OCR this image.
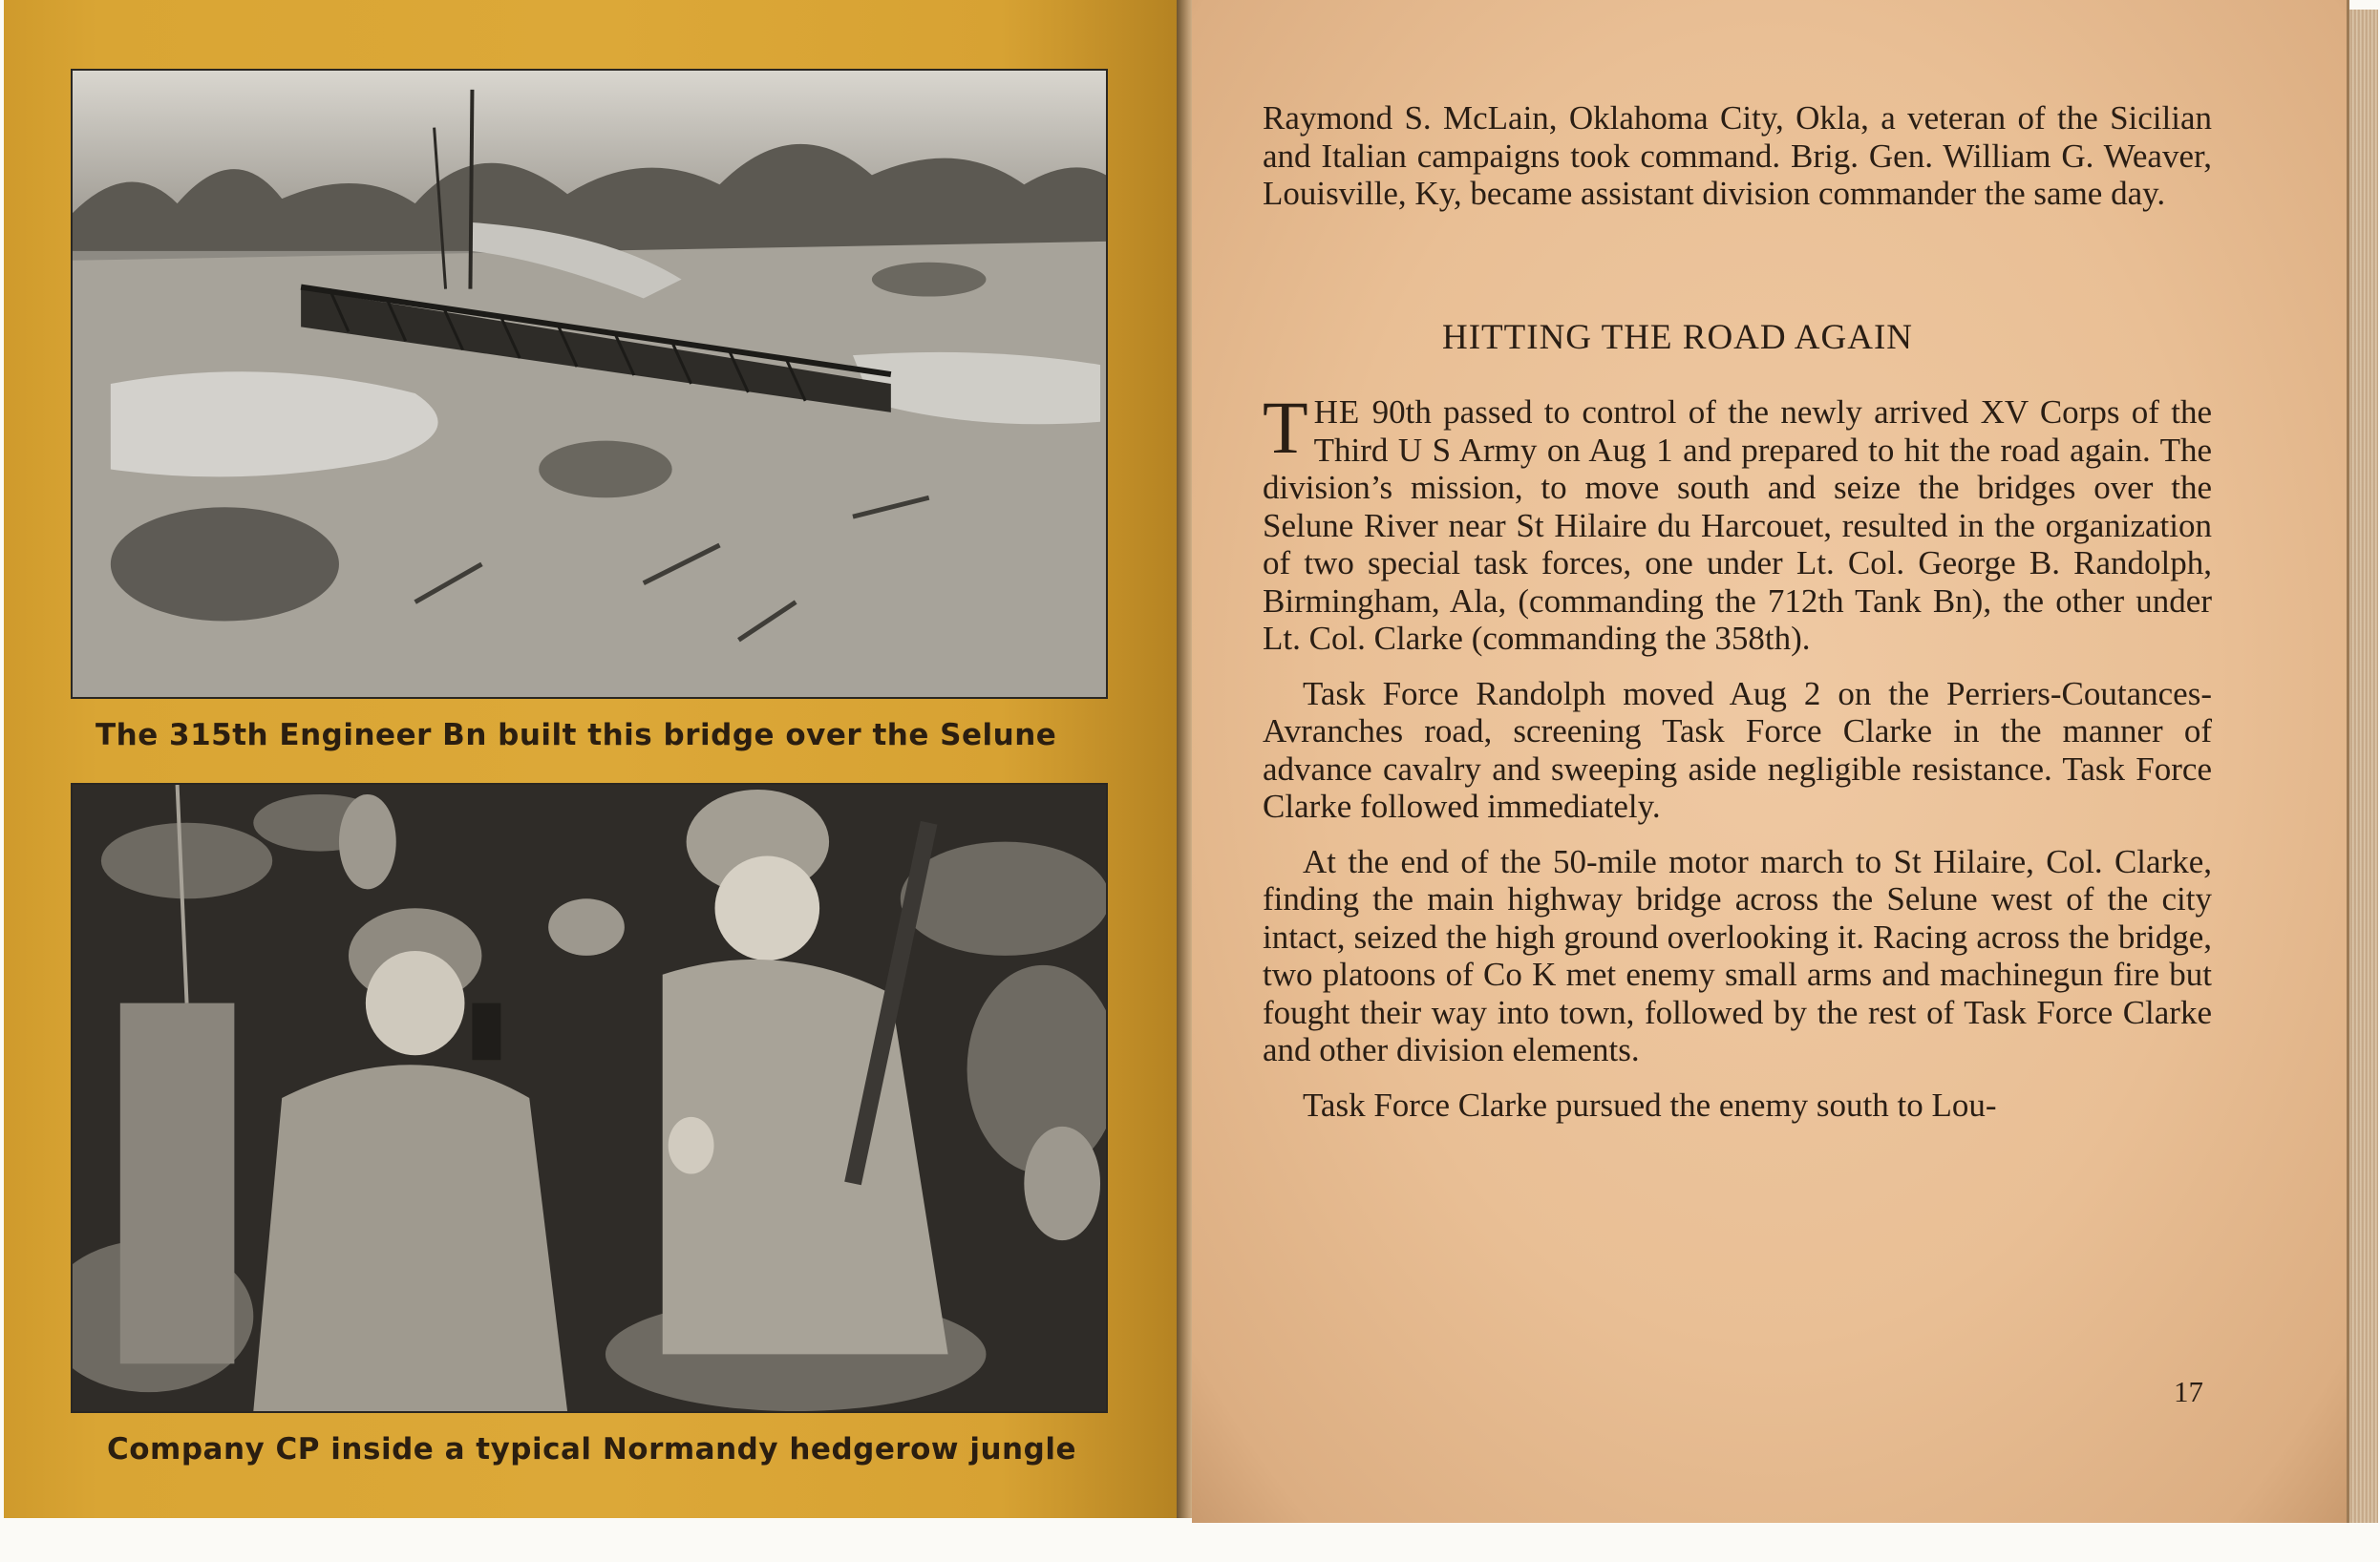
The 315th Engineer Bn built this bridge over the Selune
Company CP inside a typical Normandy hedgerow jungle

Raymond S. McLain, Oklahoma City, Okla, a veteran of the Sicilian and Italian campaigns took command. Brig. Gen. William G. Weaver, Louisville, Ky, became assistant division commander the same day.

HITTING THE ROAD AGAIN

THE 90th passed to control of the newly arrived XV Corps of the Third U S Army on Aug 1 and prepared to hit the road again. The division’s mission, to move south and seize the bridges over the Selune River near St Hilaire du Harcouet, resulted in the organization of two special task forces, one under Lt. Col. George B. Randolph, Birmingham, Ala, (commanding the 712th Tank Bn), the other under Lt. Col. Clarke (commanding the 358th).

Task Force Randolph moved Aug 2 on the Perriers-Coutances-Avranches road, screening Task Force Clarke in the manner of advance cavalry and sweeping aside negligible resistance. Task Force Clarke followed immediately.

At the end of the 50-mile motor march to St Hilaire, Col. Clarke, finding the main highway bridge across the Selune west of the city intact, seized the high ground overlooking it. Racing across the bridge, two platoons of Co K met enemy small arms and machinegun fire but fought their way into town, followed by the rest of Task Force Clarke and other division elements.

Task Force Clarke pursued the enemy south to Lou-

17
